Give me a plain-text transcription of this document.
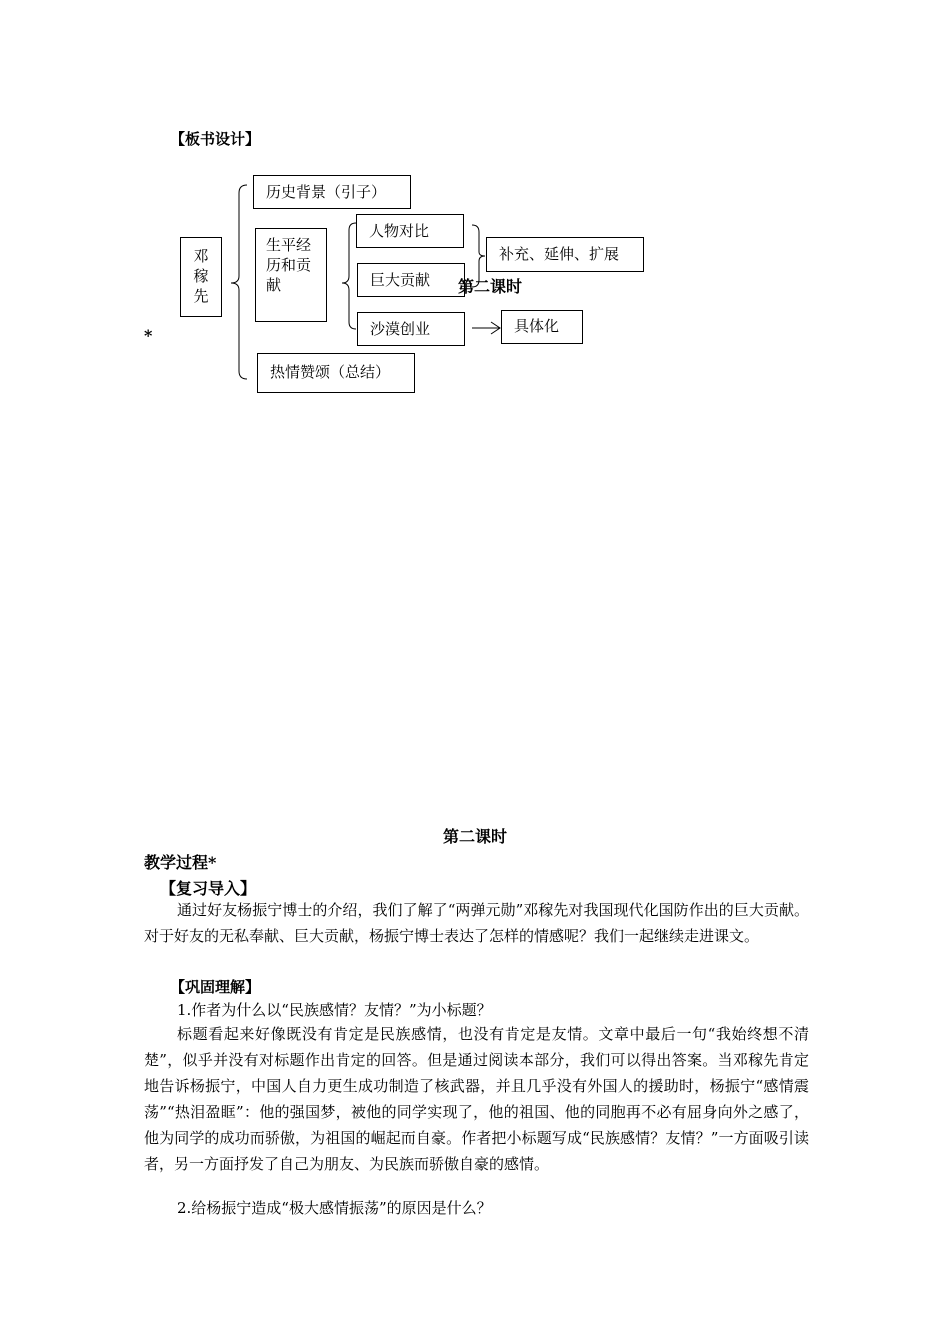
【板书设计】
*
邓稼先
历史背景（引子）
生平经历和贡献
人物对比
巨大贡献
沙漠创业
补充、延伸、扩展
具体化
热情赞颂（总结）
第二课时
第二课时
教学过程*
【复习导入】
通过好友杨振宁博士的介绍，我们了解了“两弹元勋”邓稼先对我国现代化国防作出的巨大贡献。对于好友的无私奉献、巨大贡献，杨振宁博士表达了怎样的情感呢？我们一起继续走进课文。
【巩固理解】
1.作者为什么以“民族感情？友情？”为小标题？
标题看起来好像既没有肯定是民族感情，也没有肯定是友情。文章中最后一句“我始终想不清楚”，似乎并没有对标题作出肯定的回答。但是通过阅读本部分，我们可以得出答案。当邓稼先肯定地告诉杨振宁，中国人自力更生成功制造了核武器，并且几乎没有外国人的援助时，杨振宁“感情震荡”“热泪盈眶”：他的强国梦，被他的同学实现了，他的祖国、他的同胞再不必有屈身向外之感了，他为同学的成功而骄傲，为祖国的崛起而自豪。作者把小标题写成“民族感情？友情？”一方面吸引读者，另一方面抒发了自己为朋友、为民族而骄傲自豪的感情。
2.给杨振宁造成“极大感情振荡”的原因是什么？
